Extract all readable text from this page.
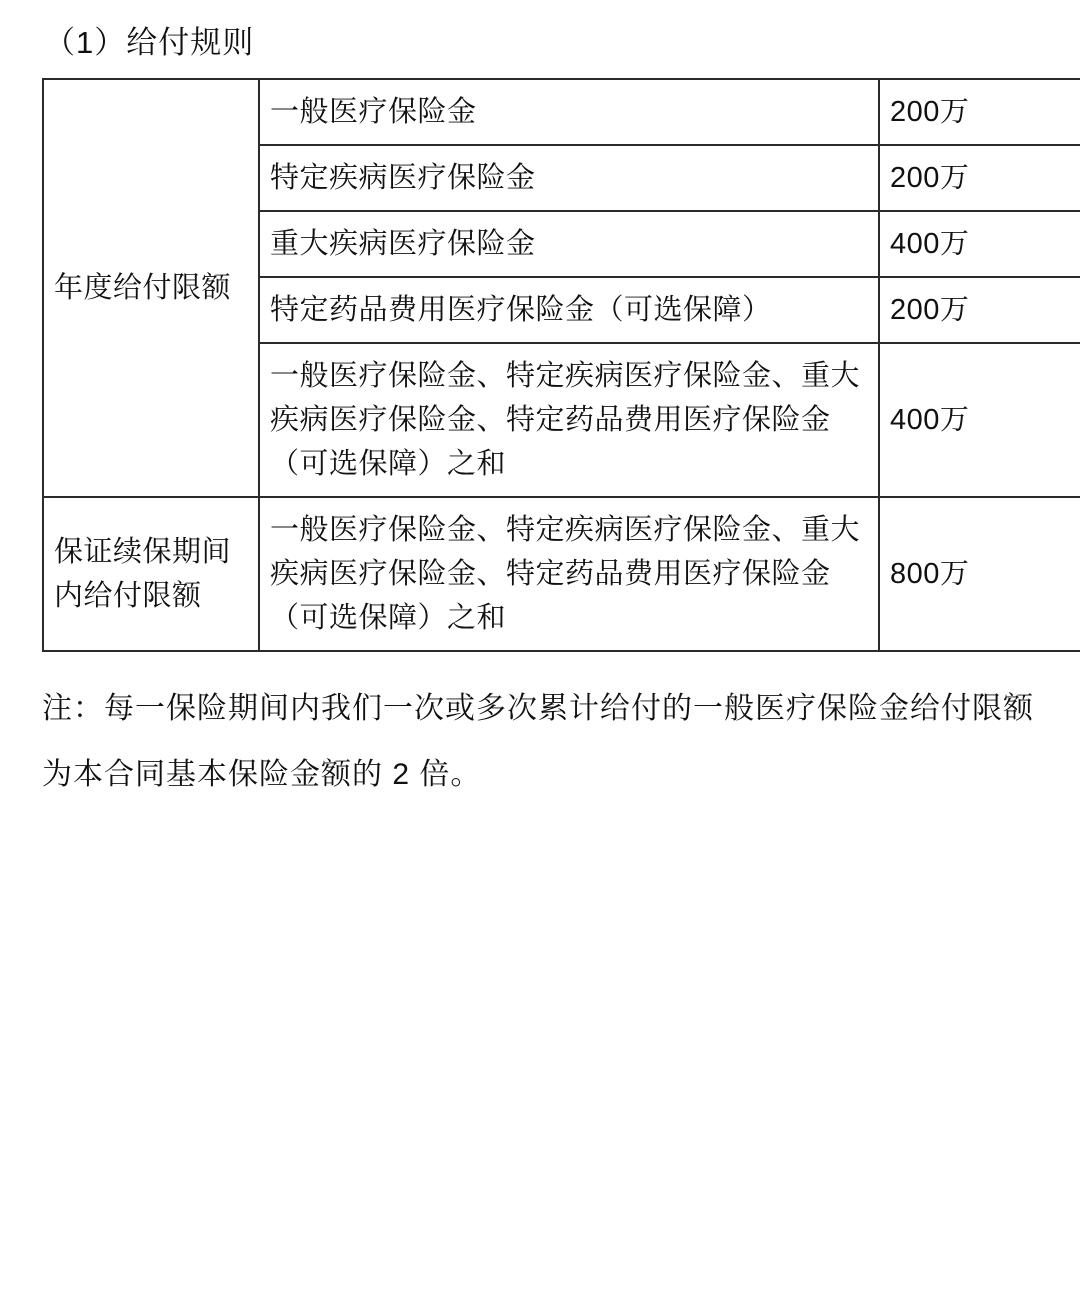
（1）给付规则
年度给付限额	一般医疗保险金	200万
	特定疾病医疗保险金	200万
	重大疾病医疗保险金	400万
	特定药品费用医疗保险金（可选保障）	200万
	一般医疗保险金、特定疾病医疗保险金、重大疾病医疗保险金、特定药品费用医疗保险金（可选保障）之和	400万
保证续保期间内给付限额	一般医疗保险金、特定疾病医疗保险金、重大疾病医疗保险金、特定药品费用医疗保险金（可选保障）之和	800万
注：每一保险期间内我们一次或多次累计给付的一般医疗保险金给付限额为本合同基本保险金额的 2 倍。
